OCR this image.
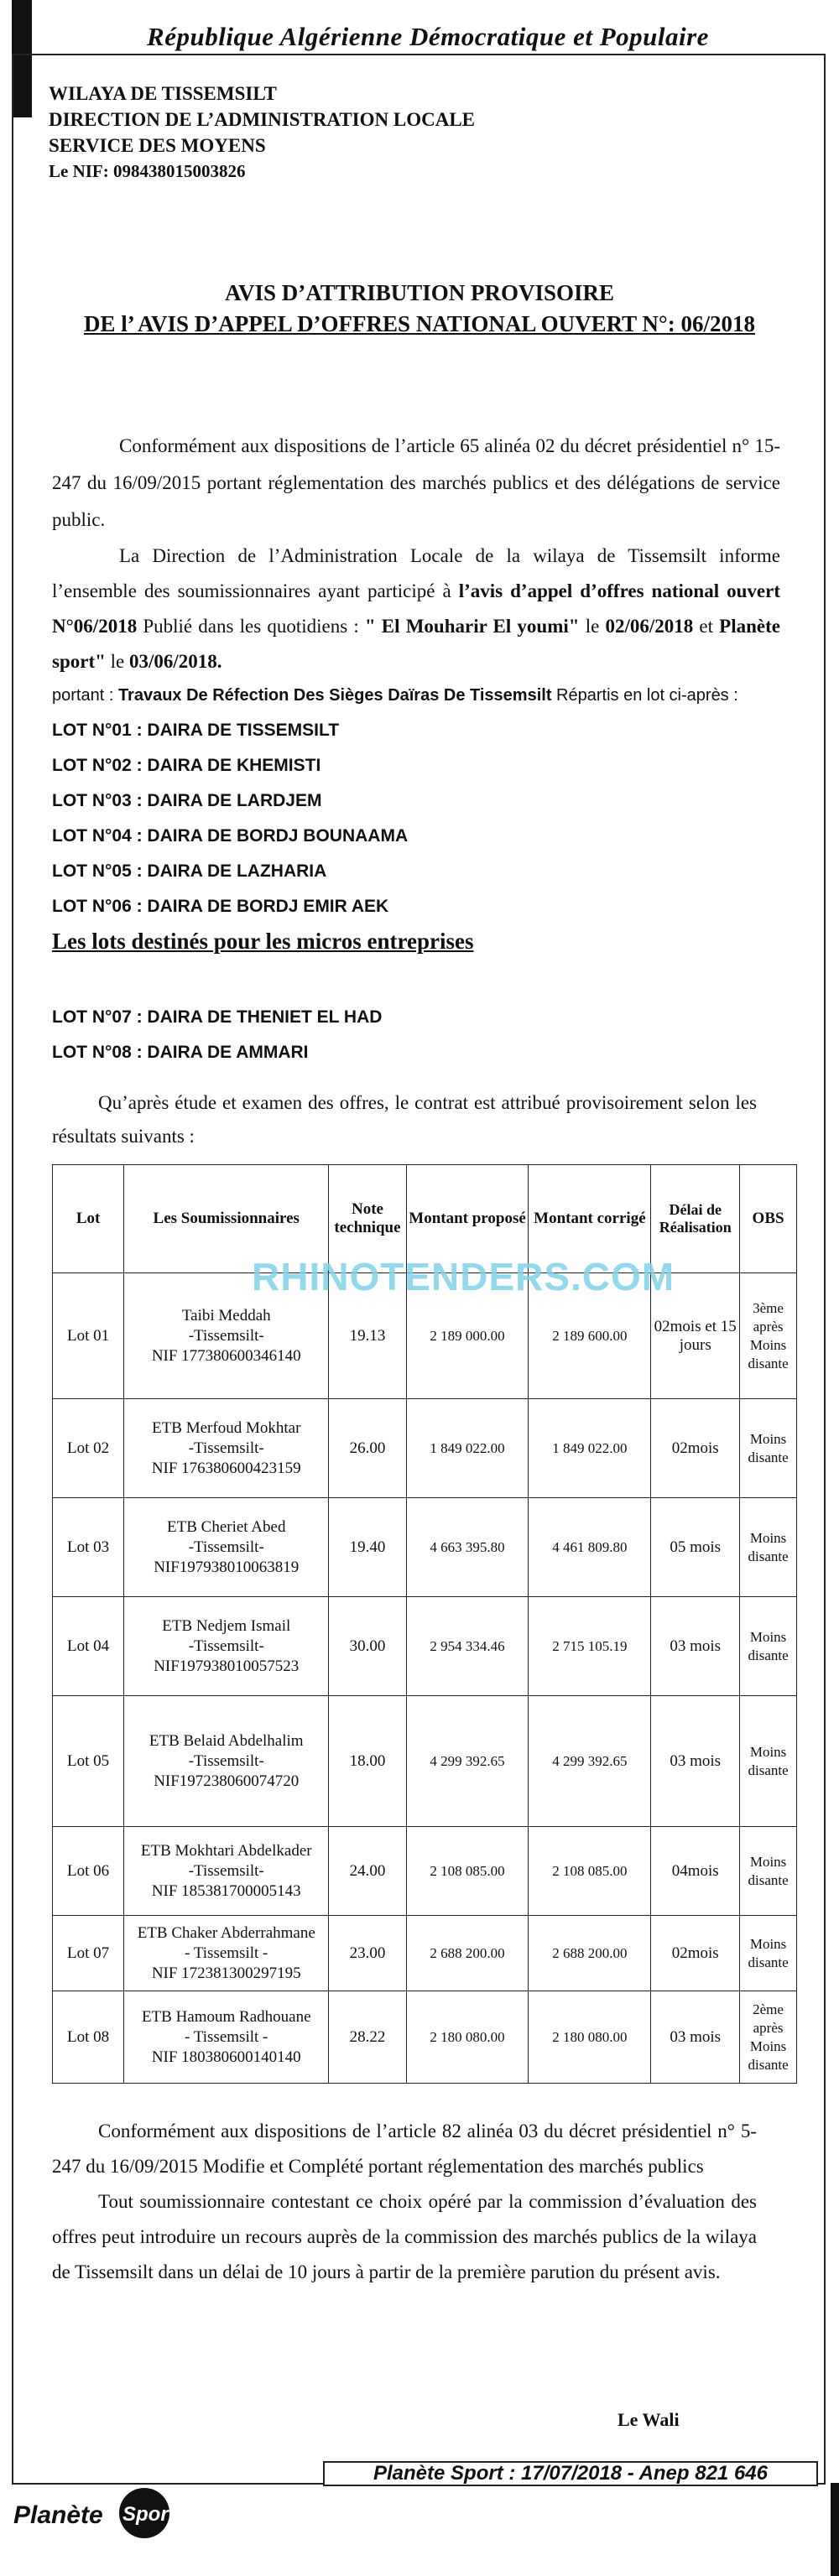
République Algérienne Démocratique et Populaire
WILAYA DE TISSEMSILT
DIRECTION DE L’ADMINISTRATION LOCALE
SERVICE DES MOYENS
Le NIF: 098438015003826
AVIS D’ATTRIBUTION PROVISOIRE
DE l’ AVIS D’APPEL D’OFFRES NATIONAL OUVERT N°: 06/2018

Conformément aux dispositions de l’article 65 alinéa 02 du décret présidentiel n° 15-247 du 16/09/2015 portant réglementation des marchés publics et des délégations de service public.

La Direction de l’Administration Locale de la wilaya de Tissemsilt informe l’ensemble des soumissionnaires ayant participé à l’avis d’appel d’offres national ouvert N°06/2018 Publié dans les quotidiens : " El Mouharir El youmi" le 02/06/2018 et Planète sport" le 03/06/2018.

portant : Travaux De Réfection Des Sièges Daïras De Tissemsilt Répartis en lot ci-après :
LOT N°01 : DAIRA DE TISSEMSILT
LOT N°02 : DAIRA DE KHEMISTI
LOT N°03 : DAIRA DE LARDJEM
LOT N°04 : DAIRA DE BORDJ BOUNAAMA
LOT N°05 : DAIRA DE LAZHARIA
LOT N°06 : DAIRA DE BORDJ EMIR AEK
Les lots destinés pour les micros entreprises
LOT N°07 : DAIRA DE THENIET EL HAD
LOT N°08 : DAIRA DE AMMARI

Qu’après étude et examen des offres, le contrat est attribué provisoirement selon les résultats suivants :

Lot	Les Soumissionnaires	Note technique	Montant proposé	Montant corrigé	Délai de Réalisation	OBS

Lot 01	Taibi Meddah
-Tissemsilt-
NIF 177380600346140	19.13	2 189 000.00	2 189 600.00	02mois et 15 jours	3ème
après
Moins disante

Lot 02	ETB Merfoud Mokhtar
-Tissemsilt-
NIF 176380600423159	26.00	1 849 022.00	1 849 022.00	02mois	Moins disante

Lot 03	ETB Cheriet Abed
-Tissemsilt-
NIF197938010063819	19.40	4 663 395.80	4 461 809.80	05 mois	Moins disante

Lot 04	ETB Nedjem Ismail
-Tissemsilt-
NIF197938010057523	30.00	2 954 334.46	2 715 105.19	03 mois	Moins disante

Lot 05	ETB Belaid Abdelhalim
-Tissemsilt-
NIF197238060074720	18.00	4 299 392.65	4 299 392.65	03 mois	Moins disante

Lot 06	ETB Mokhtari Abdelkader
-Tissemsilt-
NIF 185381700005143	24.00	2 108 085.00	2 108 085.00	04mois	Moins disante

Lot 07	ETB Chaker Abderrahmane
- Tissemsilt -
NIF 172381300297195	23.00	2 688 200.00	2 688 200.00	02mois	Moins disante

Lot 08	ETB Hamoum Radhouane
- Tissemsilt -
NIF 180380600140140	28.22	2 180 080.00	2 180 080.00	03 mois	2ème
après
Moins disante
RHINOTENDERS.COM

Conformément aux dispositions de l’article 82 alinéa 03 du décret présidentiel n° 5-247 du 16/09/2015 Modifie et Complété portant réglementation des marchés publics

Tout soumissionnaire contestant ce choix opéré par la commission d’évaluation des offres peut introduire un recours auprès de la commission des marchés publics de la wilaya de Tissemsilt dans un délai de 10 jours à partir de la première parution du présent avis.

Le Wali
Planète Sport : 17/07/2018 - Anep 821 646
Planète Sport
